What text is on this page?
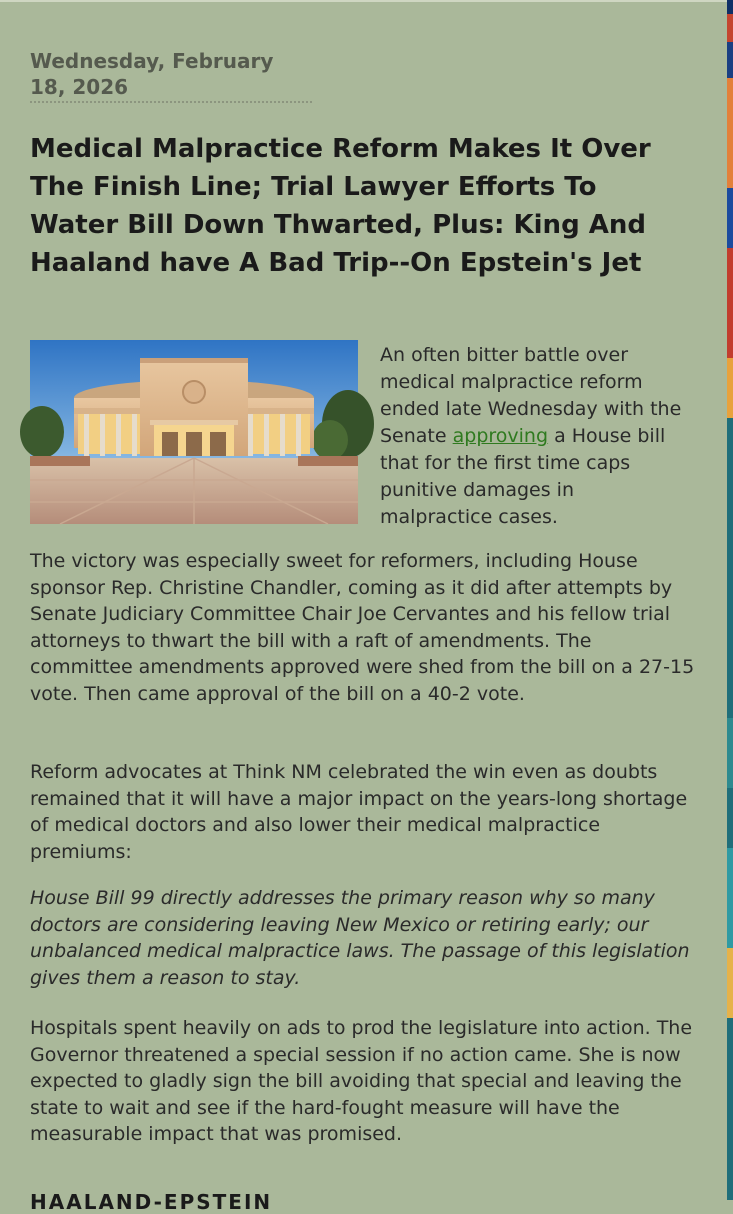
Wednesday, February 18, 2026
Medical Malpractice Reform Makes It Over The Finish Line; Trial Lawyer Efforts To Water Bill Down Thwarted, Plus: King And Haaland have A Bad Trip--On Epstein's Jet
An often bitter battle over medical malpractice reform ended late Wednesday with the Senate approving a House bill that for the first time caps punitive damages in malpractice cases.

The victory was especially sweet for reformers, including House sponsor Rep. Christine Chandler, coming as it did after attempts by Senate Judiciary Committee Chair Joe Cervantes and his fellow trial attorneys to thwart the bill with a raft of amendments. The committee amendments approved were shed from the bill on a 27-15 vote. Then came approval of the bill on a 40-2 vote.

Reform advocates at Think NM celebrated the win even as doubts remained that it will have a major impact on the years-long shortage of medical doctors and also lower their medical malpractice premiums:

House Bill 99 directly addresses the primary reason why so many doctors are considering leaving New Mexico or retiring early; our unbalanced medical malpractice laws. The passage of this legislation gives them a reason to stay.

Hospitals spent heavily on ads to prod the legislature into action. The Governor threatened a special session if no action came. She is now expected to gladly sign the bill avoiding that special and leaving the state to wait and see if the hard-fought measure will have the measurable impact that was promised.

HAALAND-EPSTEIN
